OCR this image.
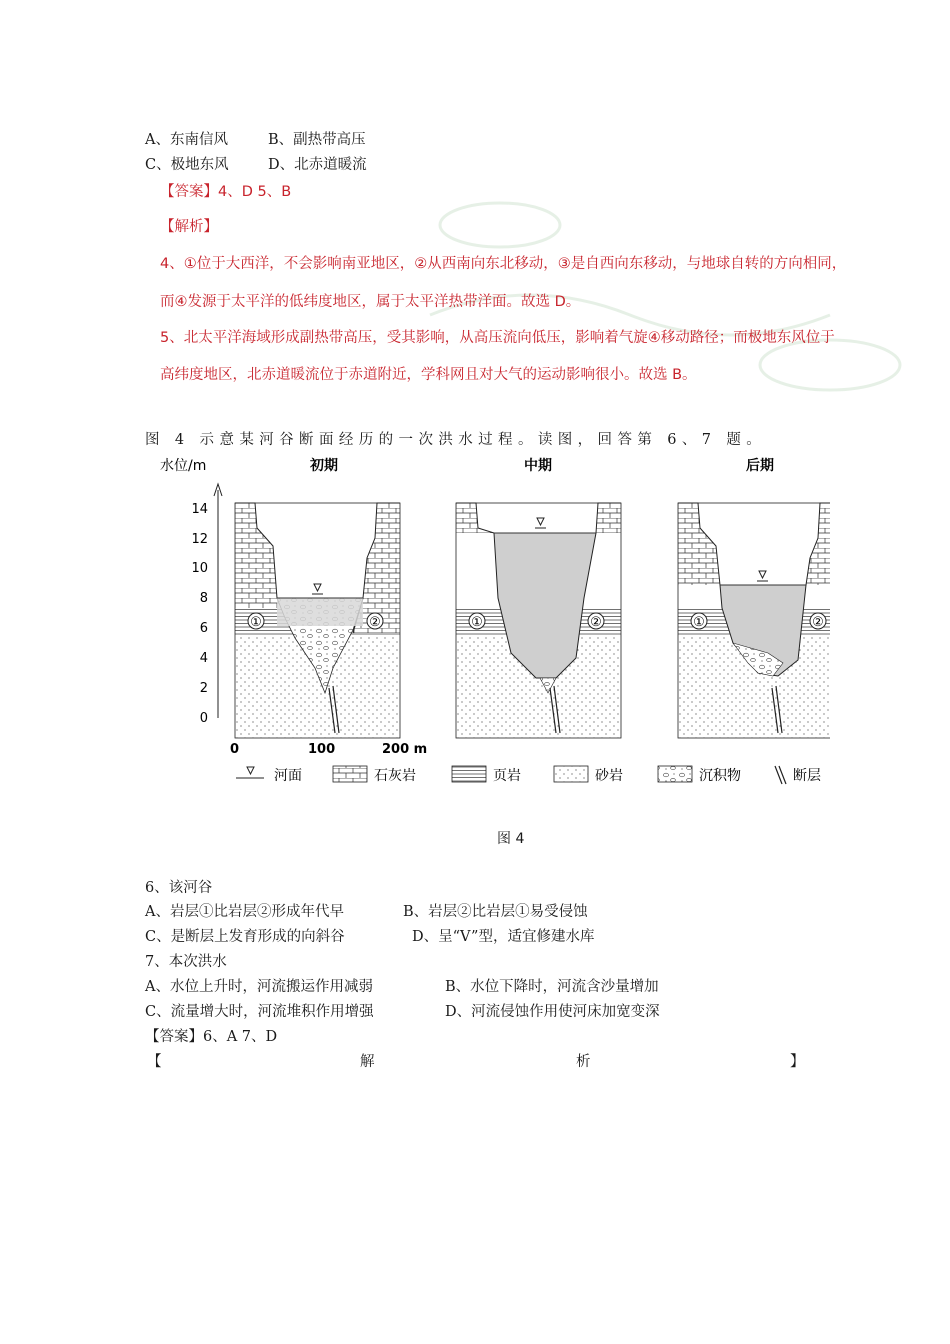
A、东南信风	B、副热带高压
C、极地东风	D、北赤道暖流
【答案】4、D 5、B
【解析】
4、①位于大西洋，不会影响南亚地区，②从西南向东北移动，③是自西向东移动，与地球自转的方向相同，
而④发源于太平洋的低纬度地区，属于太平洋热带洋面。故选 D。
5、北太平洋海域形成副热带高压，受其影响，从高压流向低压，影响着气旋④移动路径；而极地东风位于
高纬度地区，北赤道暖流位于赤道附近，学科网且对大气的运动影响很小。故选 B。
图 4 示意某河谷断面经历的一次洪水过程。读图，回答第 6、7 题。
水位/m
14
12
10
8
6
4
2
0
初期
①	②
中期
①	②
后期
①	②
0	100	200 m
河面	石灰岩	页岩	砂岩	沉积物	断层
图 4
6、该河谷
A、岩层①比岩层②形成年代早	B、岩层②比岩层①易受侵蚀
C、是断层上发育形成的向斜谷	D、呈“V”型，适宜修建水库
7、本次洪水
A、水位上升时，河流搬运作用减弱	B、水位下降时，河流含沙量增加
C、流量增大时，河流堆积作用增强	D、河流侵蚀作用使河床加宽变深
【答案】6、A 7、D
【	解	析	】
